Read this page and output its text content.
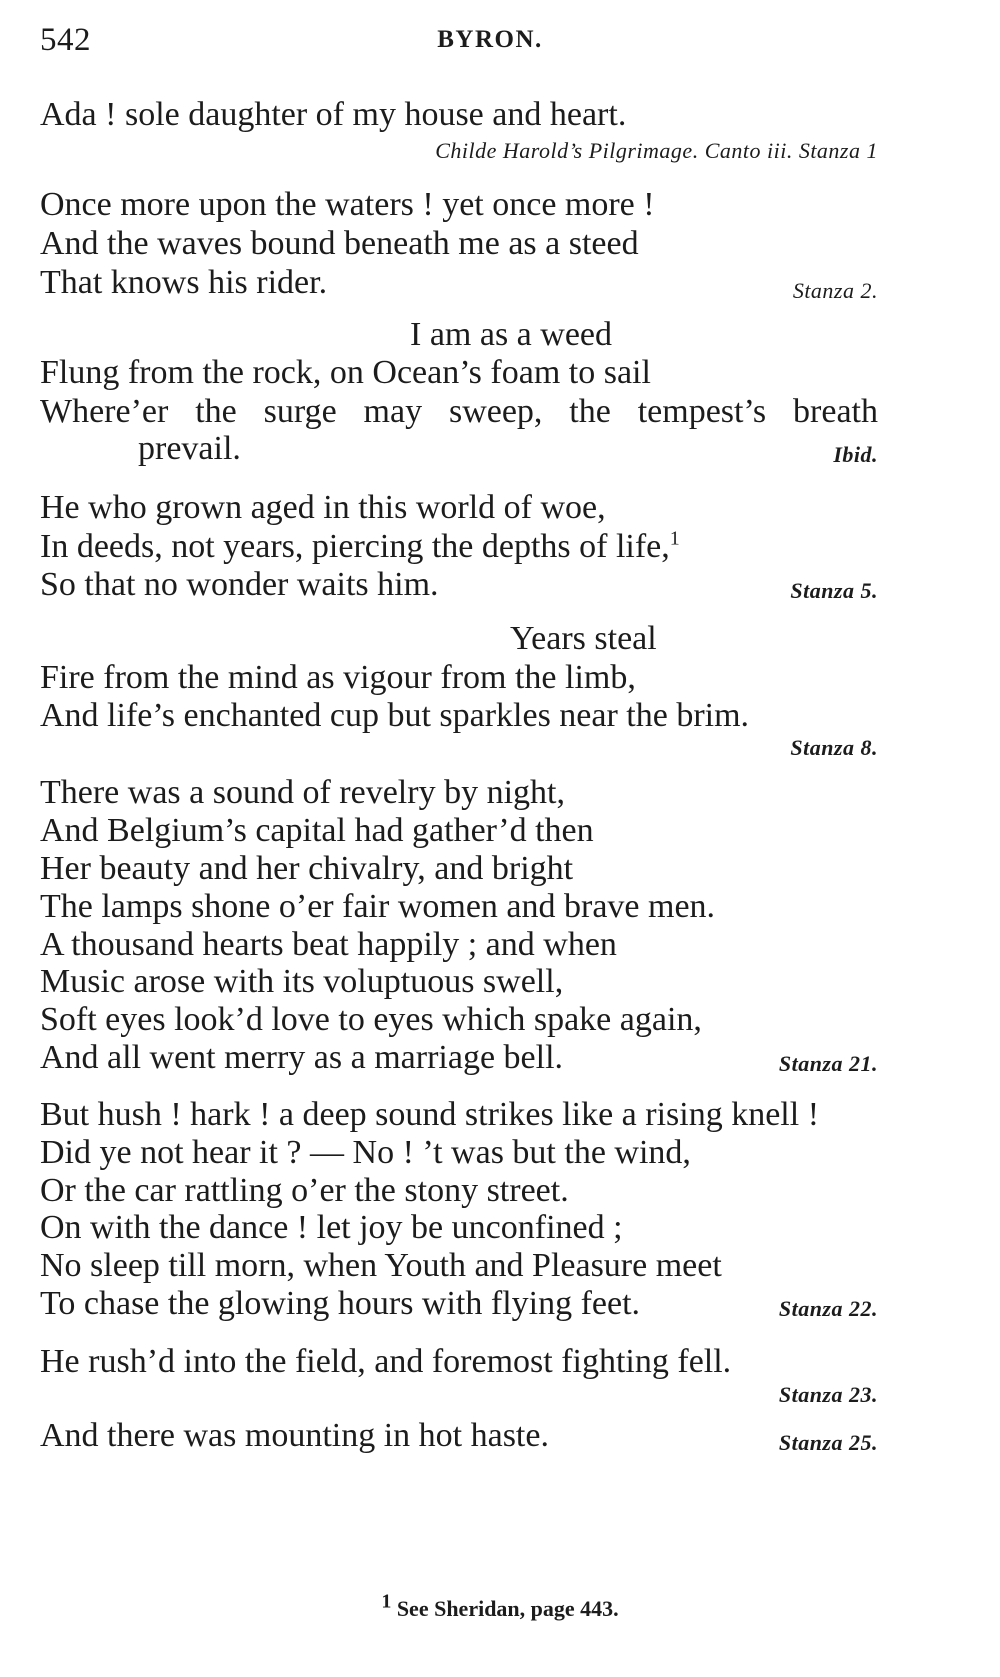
542	BYRON.
Ada ! sole daughter of my house and heart.
Childe Harold’s Pilgrimage. Canto iii. Stanza 1
Once more upon the waters ! yet once more !
And the waves bound beneath me as a steed
That knows his rider.	Stanza 2.
I am as a weed
Flung from the rock, on Ocean’s foam to sail
Where’er the surge may sweep, the tempest’s breath
prevail.	Ibid.
He who grown aged in this world of woe,
In deeds, not years, piercing the depths of life,$^1$
So that no wonder waits him.	Stanza 5.
Years steal
Fire from the mind as vigour from the limb,
And life’s enchanted cup but sparkles near the brim.
Stanza 8.
There was a sound of revelry by night,
And Belgium’s capital had gather’d then
Her beauty and her chivalry, and bright
The lamps shone o’er fair women and brave men.
A thousand hearts beat happily ; and when
Music arose with its voluptuous swell,
Soft eyes look’d love to eyes which spake again,
And all went merry as a marriage bell.	Stanza 21.
But hush ! hark ! a deep sound strikes like a rising knell !
Did ye not hear it ? — No ! ’t was but the wind,
Or the car rattling o’er the stony street.
On with the dance ! let joy be unconfined ;
No sleep till morn, when Youth and Pleasure meet
To chase the glowing hours with flying feet.	Stanza 22.
He rush’d into the field, and foremost fighting fell.
Stanza 23.
And there was mounting in hot haste.	Stanza 25.
$^1$ See Sheridan, page 443.
